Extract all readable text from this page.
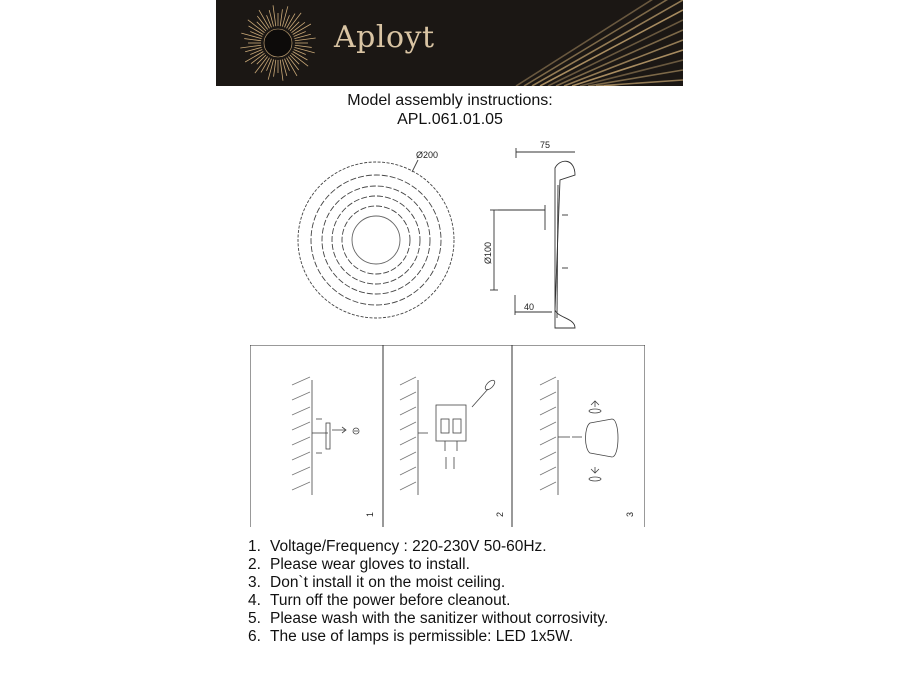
Aployt
Model assembly instructions:
APL.061.01.05
Ø200
75
Ø100
40
1	2	3
1. Voltage/Frequency : 220-230V 50-60Hz.
2. Please wear gloves to install.
3. Don`t install it on the moist ceiling.
4. Turn off the power before cleanout.
5. Please wash with the sanitizer without corrosivity.
6. The use of lamps is permissible: LED 1x5W.
